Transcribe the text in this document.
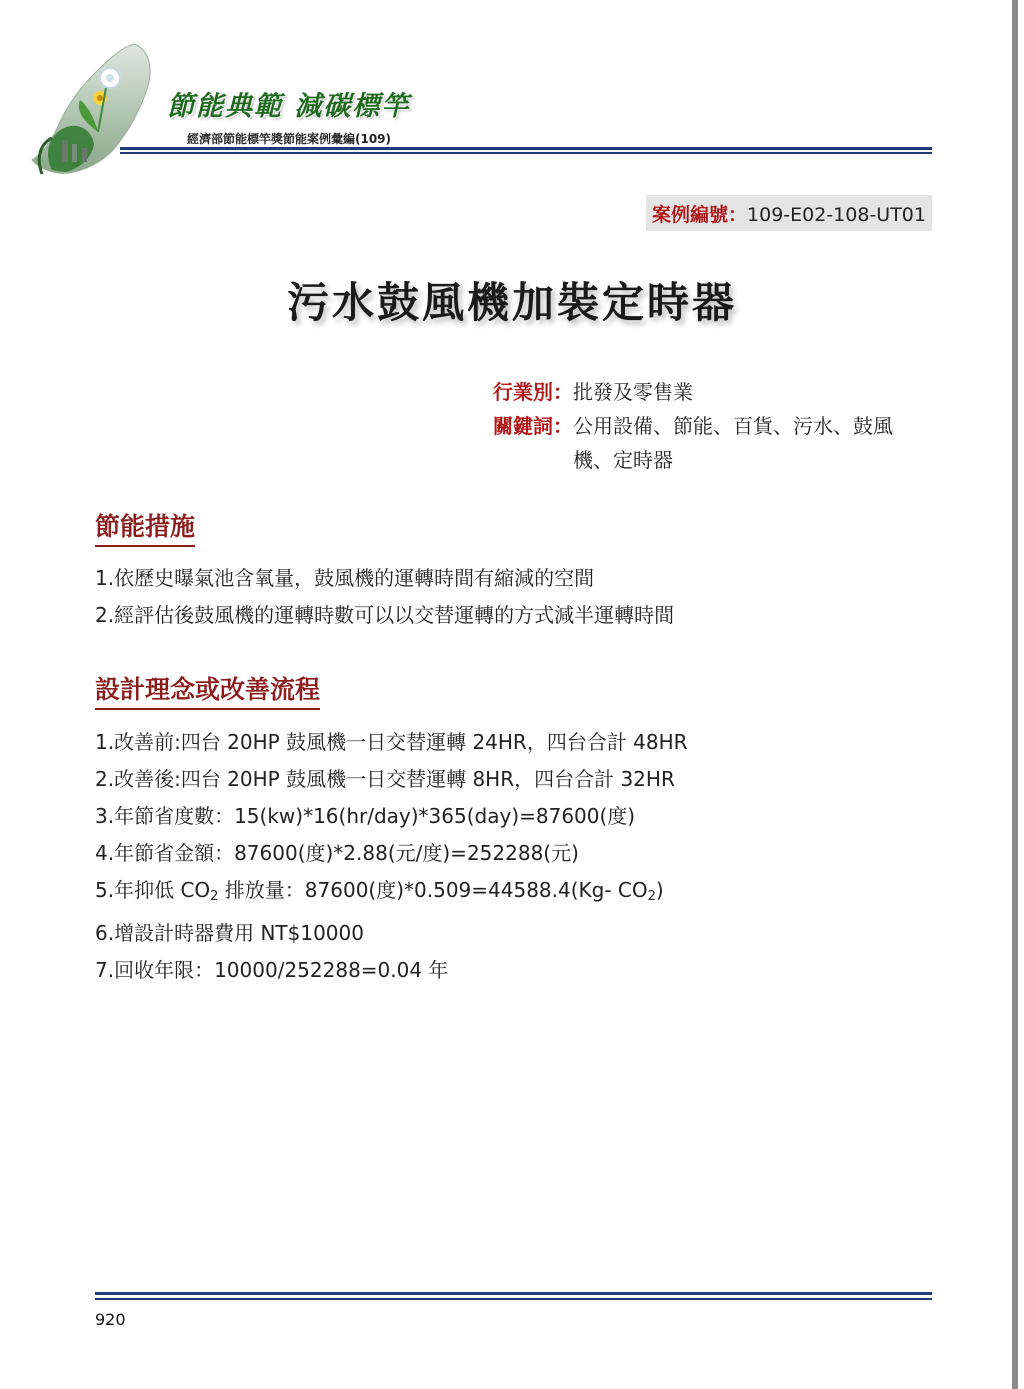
節能典範 減碳標竿
經濟部節能標竿獎節能案例彙編(109)
案例編號：109-E02-108-UT01
污水鼓風機加裝定時器
行業別： 批發及零售業
關鍵詞： 公用設備、節能、百貨、污水、鼓風機、定時器
節能措施
1.依歷史曝氣池含氧量，鼓風機的運轉時間有縮減的空間
2.經評估後鼓風機的運轉時數可以以交替運轉的方式減半運轉時間
設計理念或改善流程
1.改善前:四台 20HP 鼓風機一日交替運轉 24HR，四台合計 48HR
2.改善後:四台 20HP 鼓風機一日交替運轉 8HR，四台合計 32HR
3.年節省度數：15(kw)*16(hr/day)*365(day)=87600(度)
4.年節省金額：87600(度)*2.88(元/度)=252288(元)
5.年抑低 $CO_2$ 排放量：87600(度)*0.509=44588.4(Kg- $CO_2$)
6.增設計時器費用 NT$10000
7.回收年限：10000/252288=0.04 年
920
